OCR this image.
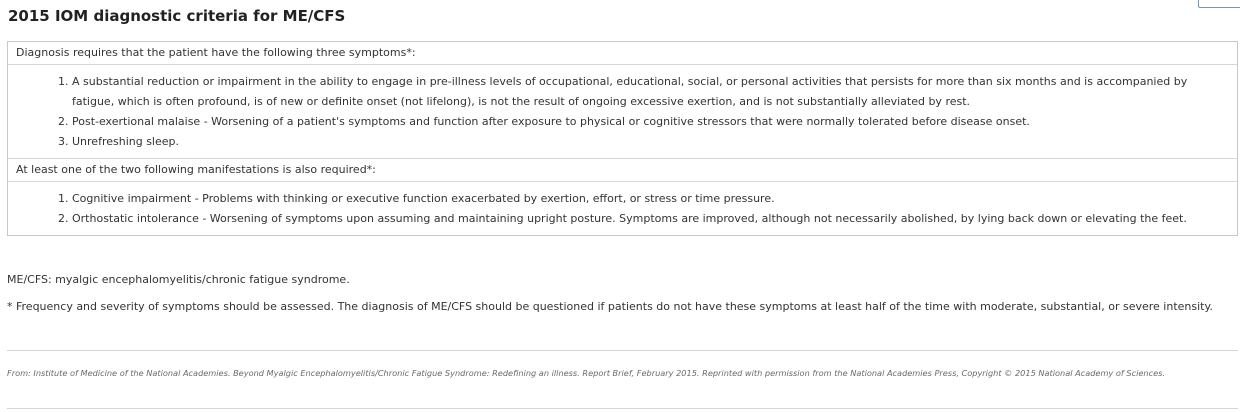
2015 IOM diagnostic criteria for ME/CFS
Diagnosis requires that the patient have the following three symptoms*:
1. A substantial reduction or impairment in the ability to engage in pre-illness levels of occupational, educational, social, or personal activities that persists for more than six months and is accompanied by fatigue, which is often profound, is of new or definite onset (not lifelong), is not the result of ongoing excessive exertion, and is not substantially alleviated by rest.
2. Post-exertional malaise - Worsening of a patient's symptoms and function after exposure to physical or cognitive stressors that were normally tolerated before disease onset.
3. Unrefreshing sleep.
At least one of the two following manifestations is also required*:
1. Cognitive impairment - Problems with thinking or executive function exacerbated by exertion, effort, or stress or time pressure.
2. Orthostatic intolerance - Worsening of symptoms upon assuming and maintaining upright posture. Symptoms are improved, although not necessarily abolished, by lying back down or elevating the feet.

ME/CFS: myalgic encephalomyelitis/chronic fatigue syndrome.

* Frequency and severity of symptoms should be assessed. The diagnosis of ME/CFS should be questioned if patients do not have these symptoms at least half of the time with moderate, substantial, or severe intensity.

From: Institute of Medicine of the National Academies. Beyond Myalgic Encephalomyelitis/Chronic Fatigue Syndrome: Redefining an illness. Report Brief, February 2015. Reprinted with permission from the National Academies Press, Copyright © 2015 National Academy of Sciences.
